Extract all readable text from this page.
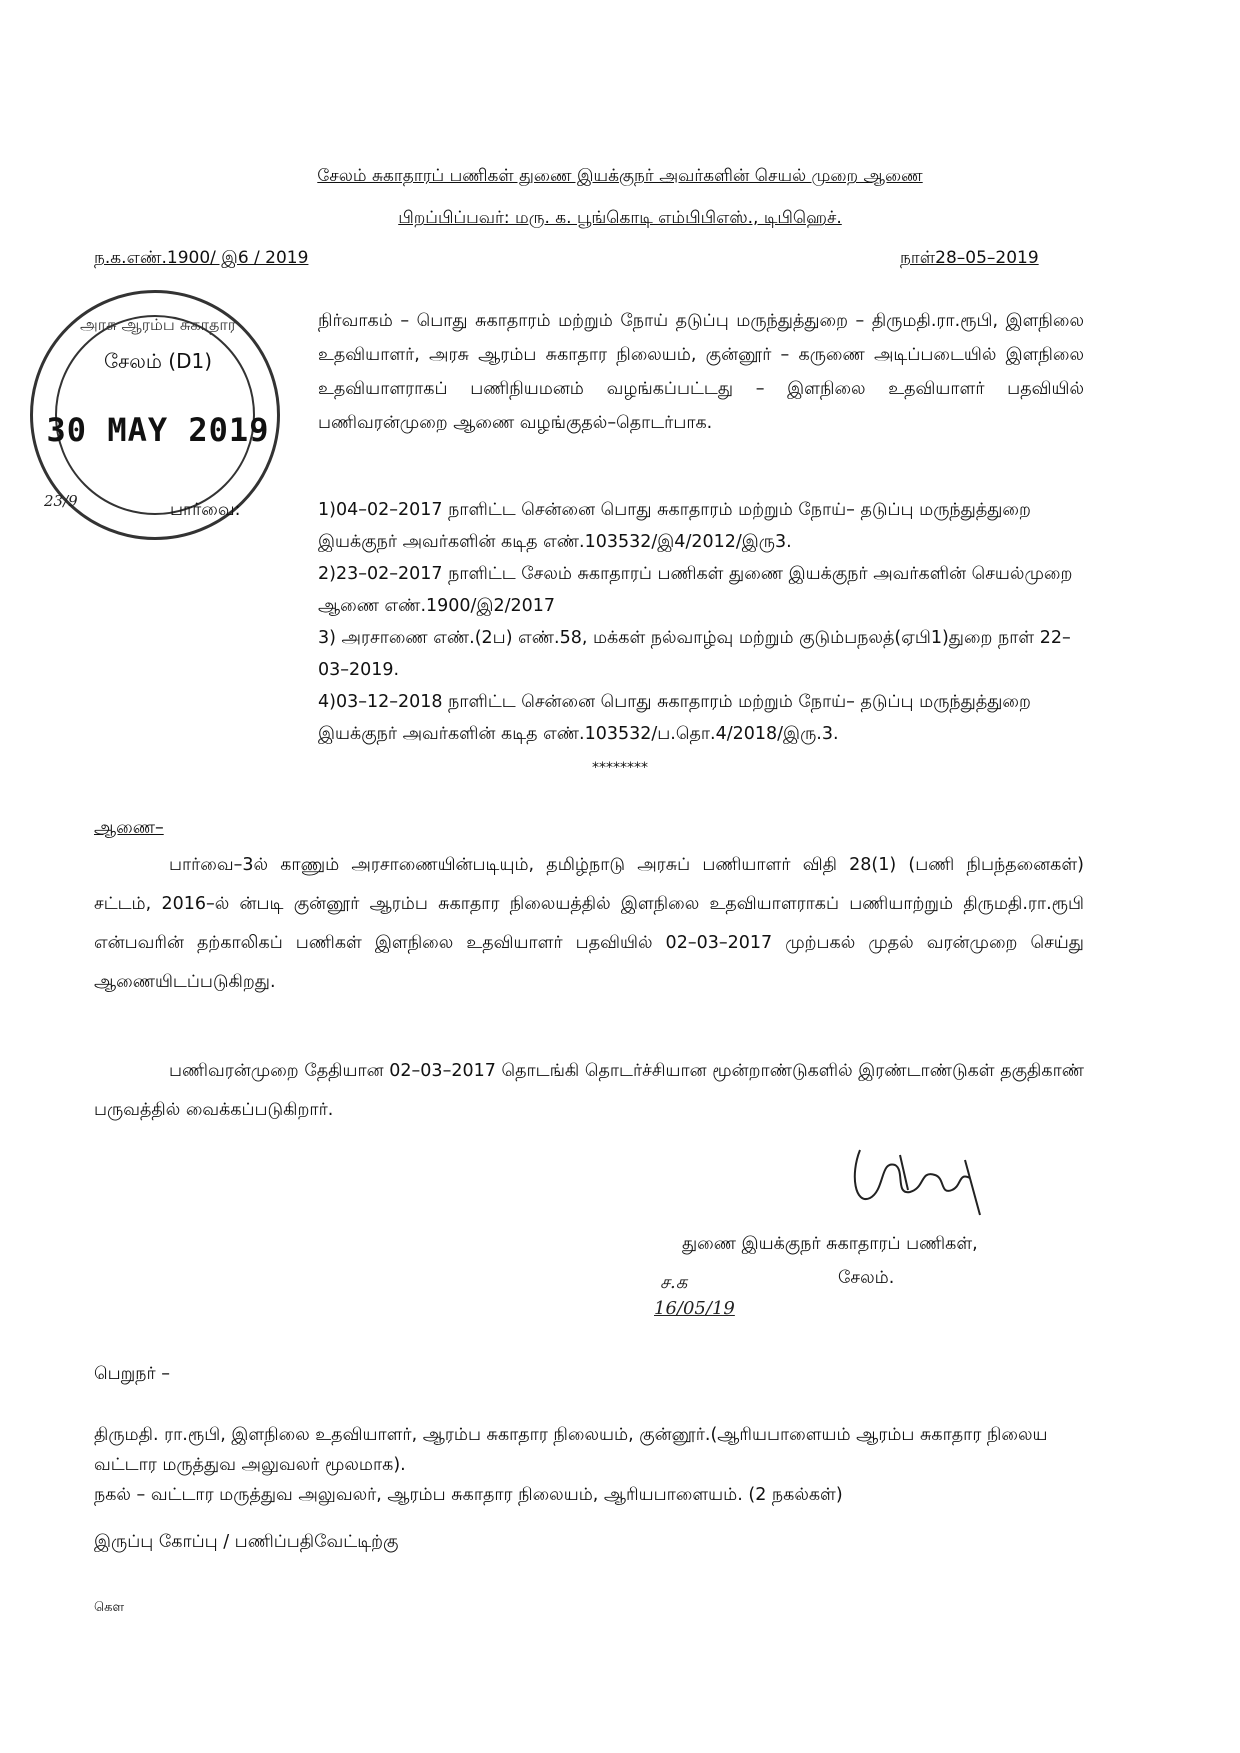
சேலம் சுகாதாரப் பணிகள் துணை இயக்குநர் அவர்களின் செயல் முறை ஆணை
பிறப்பிப்பவர்: மரு. க. பூங்கொடி எம்பிபிஎஸ்., டிபிஹெச்.
ந.க.எண்.1900/ இ6 / 2019	நாள்28–05–2019
அரசு ஆரம்ப சுகாதார
சேலம் (D1)
30 MAY 2019
23/9
நிர்வாகம் – பொது சுகாதாரம் மற்றும் நோய் தடுப்பு மருந்துத்துறை – திருமதி.ரா.ரூபி, இளநிலை உதவியாளர், அரசு ஆரம்ப சுகாதார நிலையம், குன்னூர் – கருணை அடிப்படையில் இளநிலை உதவியாளராகப் பணிநியமனம் வழங்கப்பட்டது – இளநிலை உதவியாளர் பதவியில் பணிவரன்முறை ஆணை வழங்குதல்–தொடர்பாக.
பார்வை:	1)04–02–2017 நாளிட்ட சென்னை பொது சுகாதாரம் மற்றும் நோய்– தடுப்பு மருந்துத்துறை இயக்குநர் அவர்களின் கடித எண்.103532/இ4/2012/இரு3.
2)23–02–2017 நாளிட்ட சேலம் சுகாதாரப் பணிகள் துணை இயக்குநர் அவர்களின் செயல்முறை ஆணை எண்.1900/இ2/2017
3) அரசாணை எண்.(2ப) எண்.58, மக்கள் நல்வாழ்வு மற்றும் குடும்பநலத்(ஏபி1)துறை நாள் 22–03–2019.
4)03–12–2018 நாளிட்ட சென்னை பொது சுகாதாரம் மற்றும் நோய்– தடுப்பு மருந்துத்துறை இயக்குநர் அவர்களின் கடித எண்.103532/ப.தொ.4/2018/இரு.3.
********
ஆணை–
பார்வை–3ல் காணும் அரசாணையின்படியும், தமிழ்நாடு அரசுப் பணியாளர் விதி 28(1) (பணி நிபந்தனைகள்) சட்டம், 2016–ல் ன்படி குன்னூர் ஆரம்ப சுகாதார நிலையத்தில் இளநிலை உதவியாளராகப் பணியாற்றும் திருமதி.ரா.ரூபி என்பவரின் தற்காலிகப் பணிகள் இளநிலை உதவியாளர் பதவியில் 02–03–2017 முற்பகல் முதல் வரன்முறை செய்து ஆணையிடப்படுகிறது.
பணிவரன்முறை தேதியான 02–03–2017 தொடங்கி தொடர்ச்சியான மூன்றாண்டுகளில் இரண்டாண்டுகள் தகுதிகாண் பருவத்தில் வைக்கப்படுகிறார்.
துணை இயக்குநர் சுகாதாரப் பணிகள்,
சேலம்.
ச.க
16/05/19
பெறுநர் –
திருமதி. ரா.ரூபி, இளநிலை உதவியாளர், ஆரம்ப சுகாதார நிலையம், குன்னூர்.(ஆரியபாளையம் ஆரம்ப சுகாதார நிலைய வட்டார மருத்துவ அலுவலர் மூலமாக).
நகல் – வட்டார மருத்துவ அலுவலர், ஆரம்ப சுகாதார நிலையம், ஆரியபாளையம். (2 நகல்கள்)
இருப்பு கோப்பு / பணிப்பதிவேட்டிற்கு
கௌ
